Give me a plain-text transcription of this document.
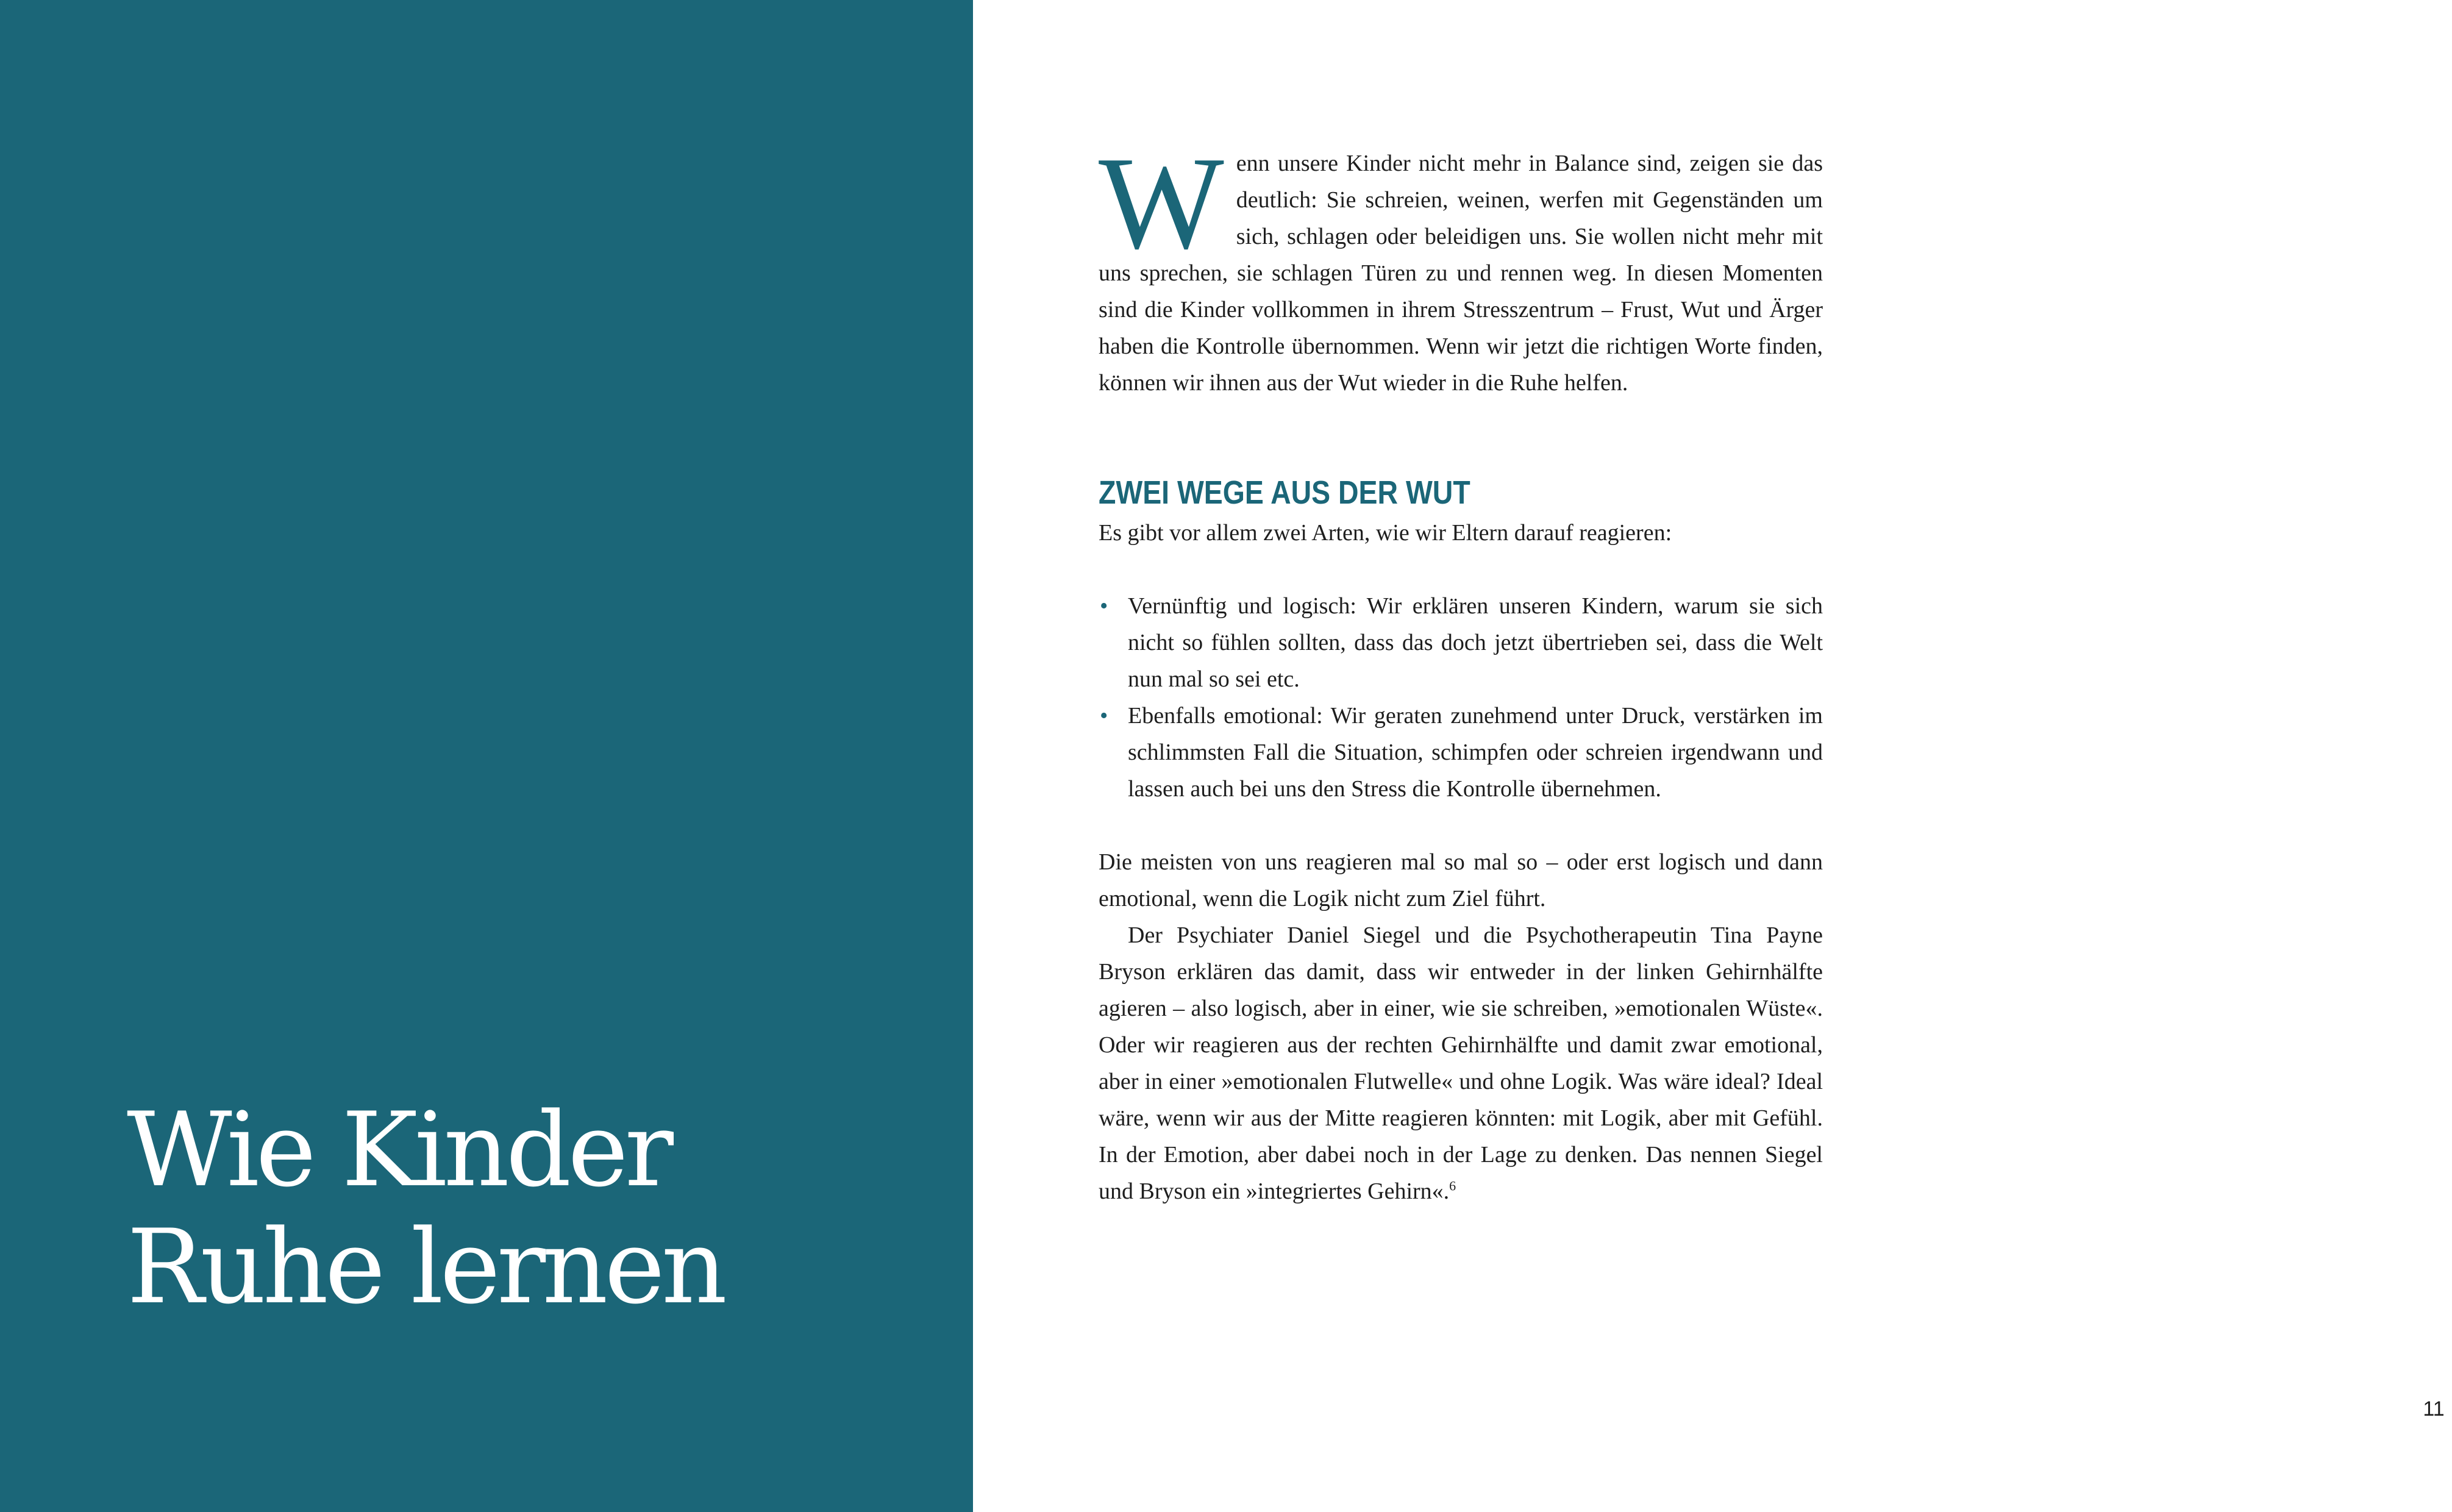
Wie Kinder
Ruhe lernen

Wenn unsere Kinder nicht mehr in Balance sind, zeigen sie das deutlich: Sie schreien, weinen, werfen mit Gegenständen um sich, schlagen oder beleidigen uns. Sie wollen nicht mehr mit uns sprechen, sie schlagen Türen zu und rennen weg. In diesen Momenten sind die Kinder vollkommen in ihrem Stresszentrum – Frust, Wut und Ärger haben die Kontrolle übernommen. Wenn wir jetzt die richtigen Worte finden, können wir ihnen aus der Wut wieder in die Ruhe helfen.

ZWEI WEGE AUS DER WUT

Es gibt vor allem zwei Arten, wie wir Eltern darauf reagieren:

• Vernünftig und logisch: Wir erklären unseren Kindern, warum sie sich nicht so fühlen sollten, dass das doch jetzt übertrieben sei, dass die Welt nun mal so sei etc.
• Ebenfalls emotional: Wir geraten zunehmend unter Druck, verstärken im schlimmsten Fall die Situation, schimpfen oder schreien irgendwann und lassen auch bei uns den Stress die Kontrolle übernehmen.

Die meisten von uns reagieren mal so mal so – oder erst logisch und dann emotional, wenn die Logik nicht zum Ziel führt.

Der Psychiater Daniel Siegel und die Psychotherapeutin Tina Payne Bryson erklären das damit, dass wir entweder in der linken Gehirnhälfte agieren – also logisch, aber in einer, wie sie schreiben, »emotionalen Wüste«. Oder wir reagieren aus der rechten Gehirnhälfte und damit zwar emotional, aber in einer »emotionalen Flutwelle« und ohne Logik. Was wäre ideal? Ideal wäre, wenn wir aus der Mitte reagieren könnten: mit Logik, aber mit Gefühl. In der Emotion, aber dabei noch in der Lage zu denken. Das nennen Siegel und Bryson ein »integriertes Gehirn«.$^6$

11
